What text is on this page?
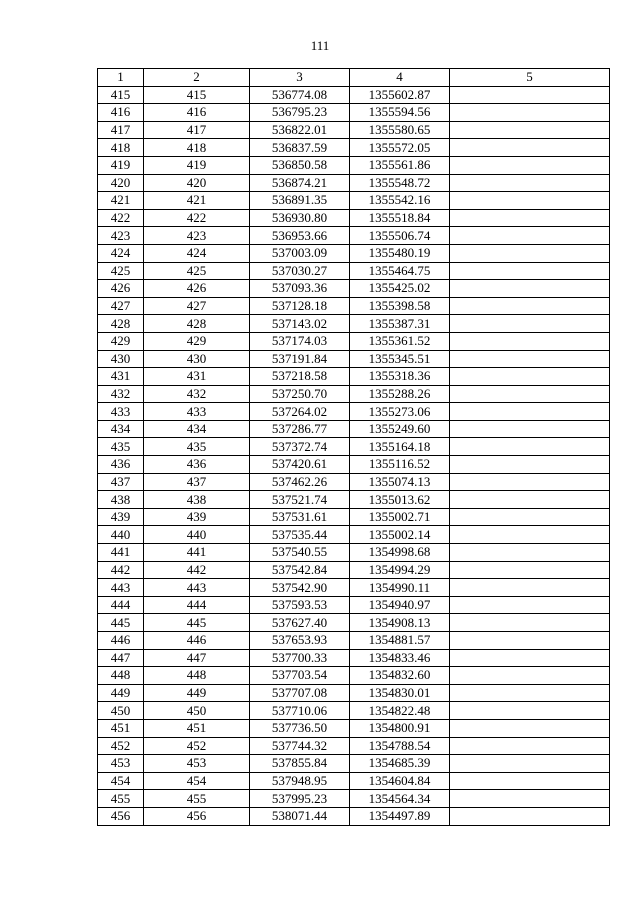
111
1	2	3	4	5
415	415	536774.08	1355602.87	
416	416	536795.23	1355594.56	
417	417	536822.01	1355580.65	
418	418	536837.59	1355572.05	
419	419	536850.58	1355561.86	
420	420	536874.21	1355548.72	
421	421	536891.35	1355542.16	
422	422	536930.80	1355518.84	
423	423	536953.66	1355506.74	
424	424	537003.09	1355480.19	
425	425	537030.27	1355464.75	
426	426	537093.36	1355425.02	
427	427	537128.18	1355398.58	
428	428	537143.02	1355387.31	
429	429	537174.03	1355361.52	
430	430	537191.84	1355345.51	
431	431	537218.58	1355318.36	
432	432	537250.70	1355288.26	
433	433	537264.02	1355273.06	
434	434	537286.77	1355249.60	
435	435	537372.74	1355164.18	
436	436	537420.61	1355116.52	
437	437	537462.26	1355074.13	
438	438	537521.74	1355013.62	
439	439	537531.61	1355002.71	
440	440	537535.44	1355002.14	
441	441	537540.55	1354998.68	
442	442	537542.84	1354994.29	
443	443	537542.90	1354990.11	
444	444	537593.53	1354940.97	
445	445	537627.40	1354908.13	
446	446	537653.93	1354881.57	
447	447	537700.33	1354833.46	
448	448	537703.54	1354832.60	
449	449	537707.08	1354830.01	
450	450	537710.06	1354822.48	
451	451	537736.50	1354800.91	
452	452	537744.32	1354788.54	
453	453	537855.84	1354685.39	
454	454	537948.95	1354604.84	
455	455	537995.23	1354564.34	
456	456	538071.44	1354497.89	
